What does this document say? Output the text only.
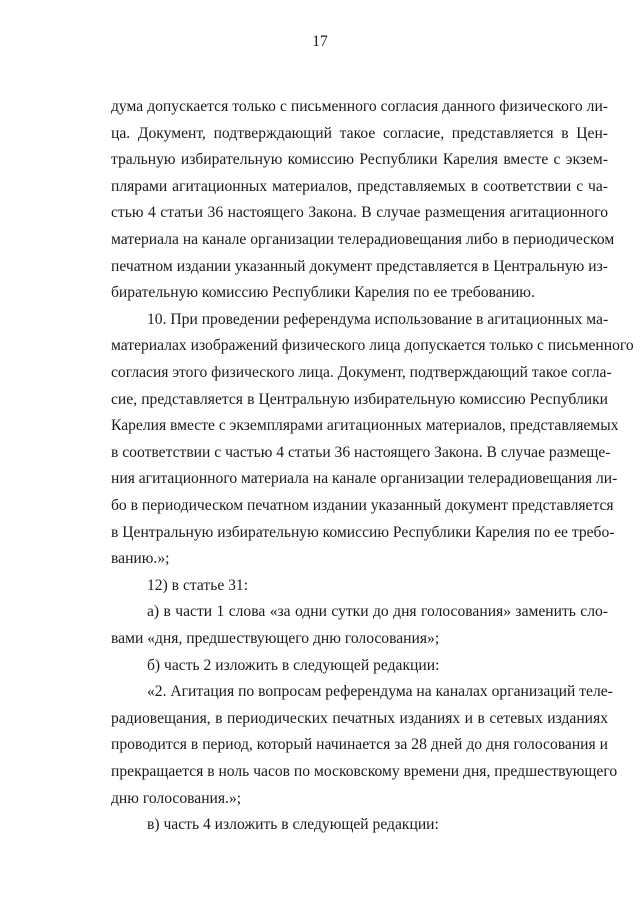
17
дума допускается только с письменного согласия данного физического ли-
ца. Документ, подтверждающий такое согласие, представляется в Цен-
тральную избирательную комиссию Республики Карелия вместе с экзем-
плярами агитационных материалов, представляемых в соответствии с ча-
стью 4 статьи 36 настоящего Закона. В случае размещения агитационного
материала на канале организации телерадиовещания либо в периодическом
печатном издании указанный документ представляется в Центральную из-
бирательную комиссию Республики Карелия по ее требованию.
10. При проведении референдума использование в агитационных ма-
материалах изображений физического лица допускается только с письменного
согласия этого физического лица. Документ, подтверждающий такое согла-
сие, представляется в Центральную избирательную комиссию Республики
Карелия вместе с экземплярами агитационных материалов, представляемых
в соответствии с частью 4 статьи 36 настоящего Закона. В случае размеще-
ния агитационного материала на канале организации телерадиовещания ли-
бо в периодическом печатном издании указанный документ представляется
в Центральную избирательную комиссию Республики Карелия по ее требо-
ванию.»;
12) в статье 31:
а) в части 1 слова «за одни сутки до дня голосования» заменить сло-
вами «дня, предшествующего дню голосования»;
б) часть 2 изложить в следующей редакции:
«2. Агитация по вопросам референдума на каналах организаций теле-
радиовещания, в периодических печатных изданиях и в сетевых изданиях
проводится в период, который начинается за 28 дней до дня голосования и
прекращается в ноль часов по московскому времени дня, предшествующего
дню голосования.»;
в) часть 4 изложить в следующей редакции:
